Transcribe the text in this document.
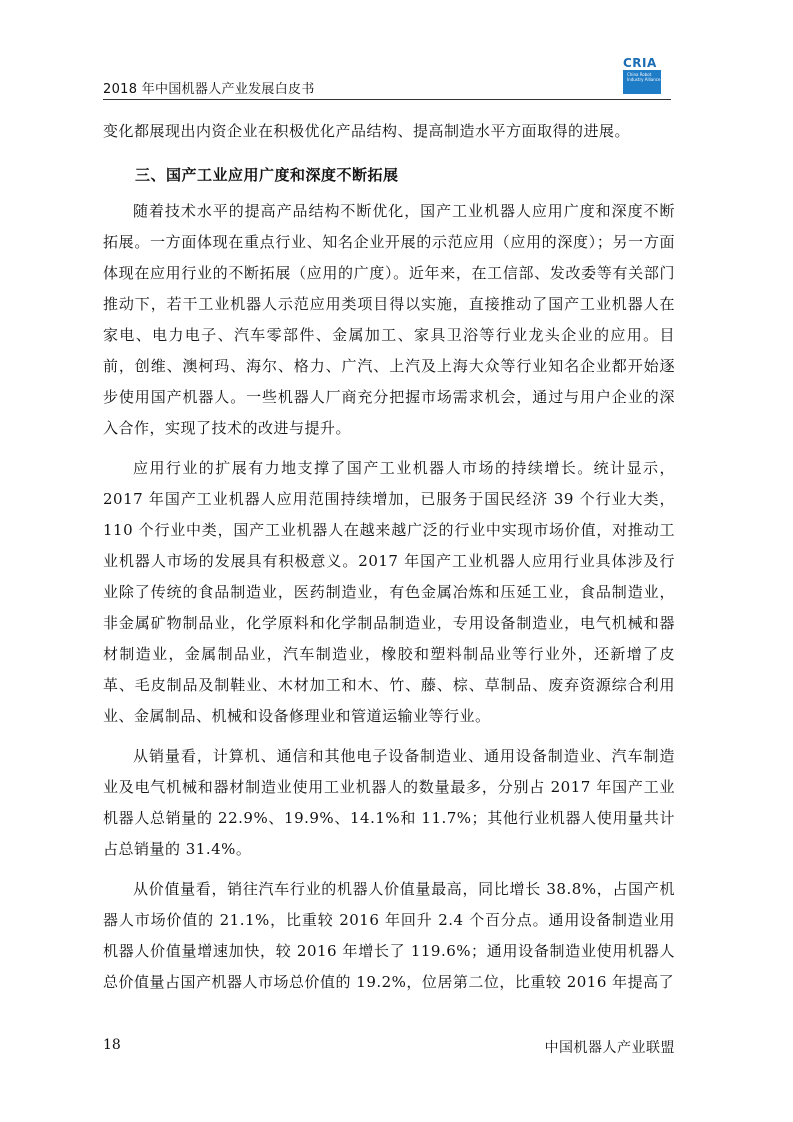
2018 年中国机器人产业发展白皮书
CRIA
China Robot Industry Alliance

变化都展现出内资企业在积极优化产品结构、提高制造水平方面取得的进展。

三、国产工业应用广度和深度不断拓展

随着技术水平的提高产品结构不断优化，国产工业机器人应用广度和深度不断拓展。一方面体现在重点行业、知名企业开展的示范应用（应用的深度）；另一方面体现在应用行业的不断拓展（应用的广度）。近年来，在工信部、发改委等有关部门推动下，若干工业机器人示范应用类项目得以实施，直接推动了国产工业机器人在家电、电力电子、汽车零部件、金属加工、家具卫浴等行业龙头企业的应用。目前，创维、澳柯玛、海尔、格力、广汽、上汽及上海大众等行业知名企业都开始逐步使用国产机器人。一些机器人厂商充分把握市场需求机会，通过与用户企业的深入合作，实现了技术的改进与提升。

应用行业的扩展有力地支撑了国产工业机器人市场的持续增长。统计显示，2017 年国产工业机器人应用范围持续增加，已服务于国民经济 39 个行业大类，110 个行业中类，国产工业机器人在越来越广泛的行业中实现市场价值，对推动工业机器人市场的发展具有积极意义。2017 年国产工业机器人应用行业具体涉及行业除了传统的食品制造业，医药制造业，有色金属冶炼和压延工业，食品制造业，非金属矿物制品业，化学原料和化学制品制造业，专用设备制造业，电气机械和器材制造业，金属制品业，汽车制造业，橡胶和塑料制品业等行业外，还新增了皮革、毛皮制品及制鞋业、木材加工和木、竹、藤、棕、草制品、废弃资源综合利用业、金属制品、机械和设备修理业和管道运输业等行业。

从销量看，计算机、通信和其他电子设备制造业、通用设备制造业、汽车制造业及电气机械和器材制造业使用工业机器人的数量最多，分别占 2017 年国产工业机器人总销量的 22.9%、19.9%、14.1%和 11.7%；其他行业机器人使用量共计占总销量的 31.4%。

从价值量看，销往汽车行业的机器人价值量最高，同比增长 38.8%，占国产机器人市场价值的 21.1%，比重较 2016 年回升 2.4 个百分点。通用设备制造业用机器人价值量增速加快，较 2016 年增长了 119.6%；通用设备制造业使用机器人总价值量占国产机器人市场总价值的 19.2%，位居第二位，比重较 2016 年提高了

18	中国机器人产业联盟
